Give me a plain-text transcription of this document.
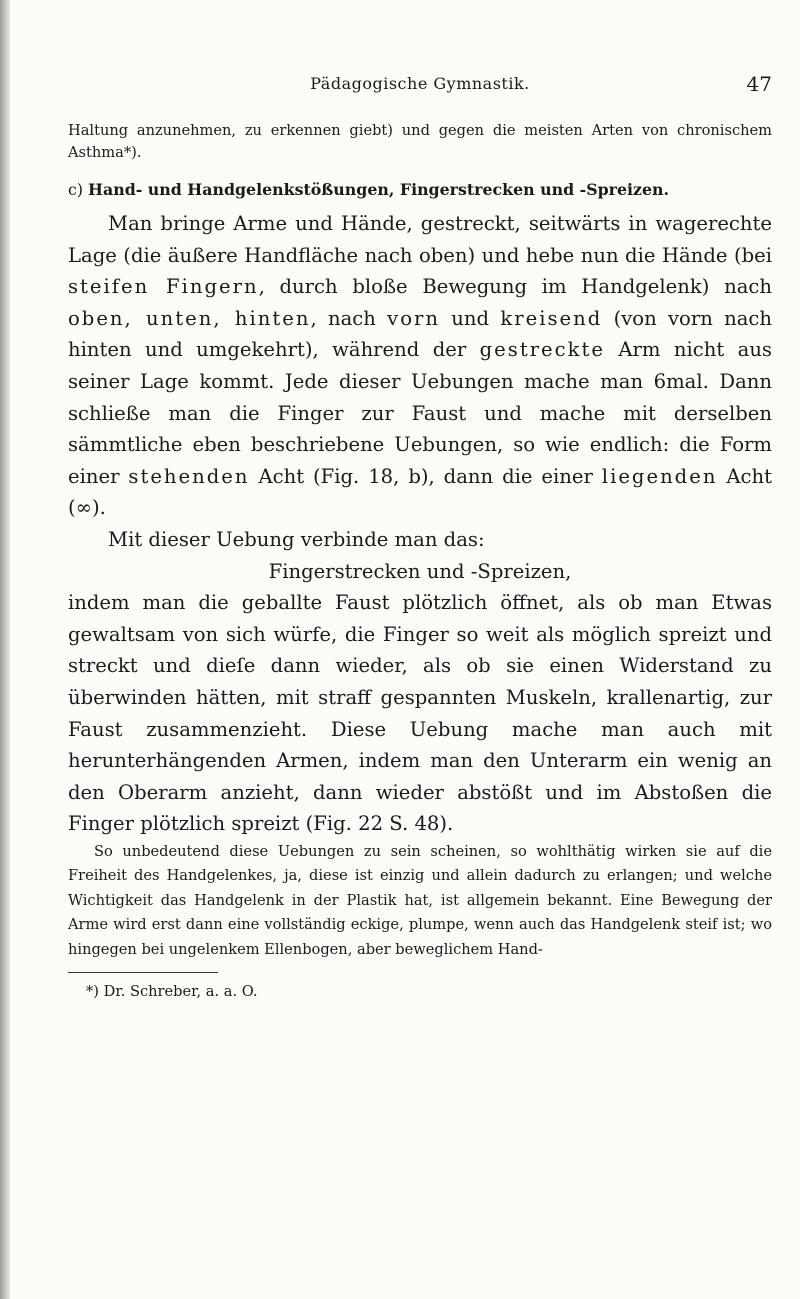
Pädagogische Gymnastik.	47

Haltung anzunehmen, zu erkennen giebt) und gegen die meisten Arten von chronischem Asthma*).

c) Hand- und Handgelenkstößungen, Fingerstrecken und -Spreizen.

Man bringe Arme und Hände, gestreckt, seitwärts in wagerechte Lage (die äußere Handfläche nach oben) und hebe nun die Hände (bei steifen Fingern, durch bloße Bewegung im Handgelenk) nach oben, unten, hinten, nach vorn und kreisend (von vorn nach hinten und umgekehrt), während der gestreckte Arm nicht aus seiner Lage kommt. Jede dieser Uebungen mache man 6mal. Dann schließe man die Finger zur Faust und mache mit derselben sämmtliche eben beschriebene Uebungen, so wie endlich: die Form einer stehenden Acht (Fig. 18, b), dann die einer liegenden Acht (∞).

Mit dieser Uebung verbinde man das:

Fingerstrecken und -Spreizen,

indem man die geballte Faust plötzlich öffnet, als ob man Etwas gewaltsam von sich würfe, die Finger so weit als möglich spreizt und streckt und dieſe dann wieder, als ob sie einen Widerstand zu überwinden hätten, mit straff gespannten Muskeln, krallenartig, zur Faust zusammenzieht. Diese Uebung mache man auch mit herunterhängenden Armen, indem man den Unterarm ein wenig an den Oberarm anzieht, dann wieder abstößt und im Abstoßen die Finger plötzlich spreizt (Fig. 22 S. 48).

So unbedeutend diese Uebungen zu sein scheinen, so wohlthätig wirken sie auf die Freiheit des Handgelenkes, ja, diese ist einzig und allein dadurch zu erlangen; und welche Wichtigkeit das Handgelenk in der Plastik hat, ist allgemein bekannt. Eine Bewegung der Arme wird erst dann eine vollständig eckige, plumpe, wenn auch das Handgelenk steif ist; wo hingegen bei ungelenkem Ellenbogen, aber beweglichem Hand-

*) Dr. Schreber, a. a. O.
